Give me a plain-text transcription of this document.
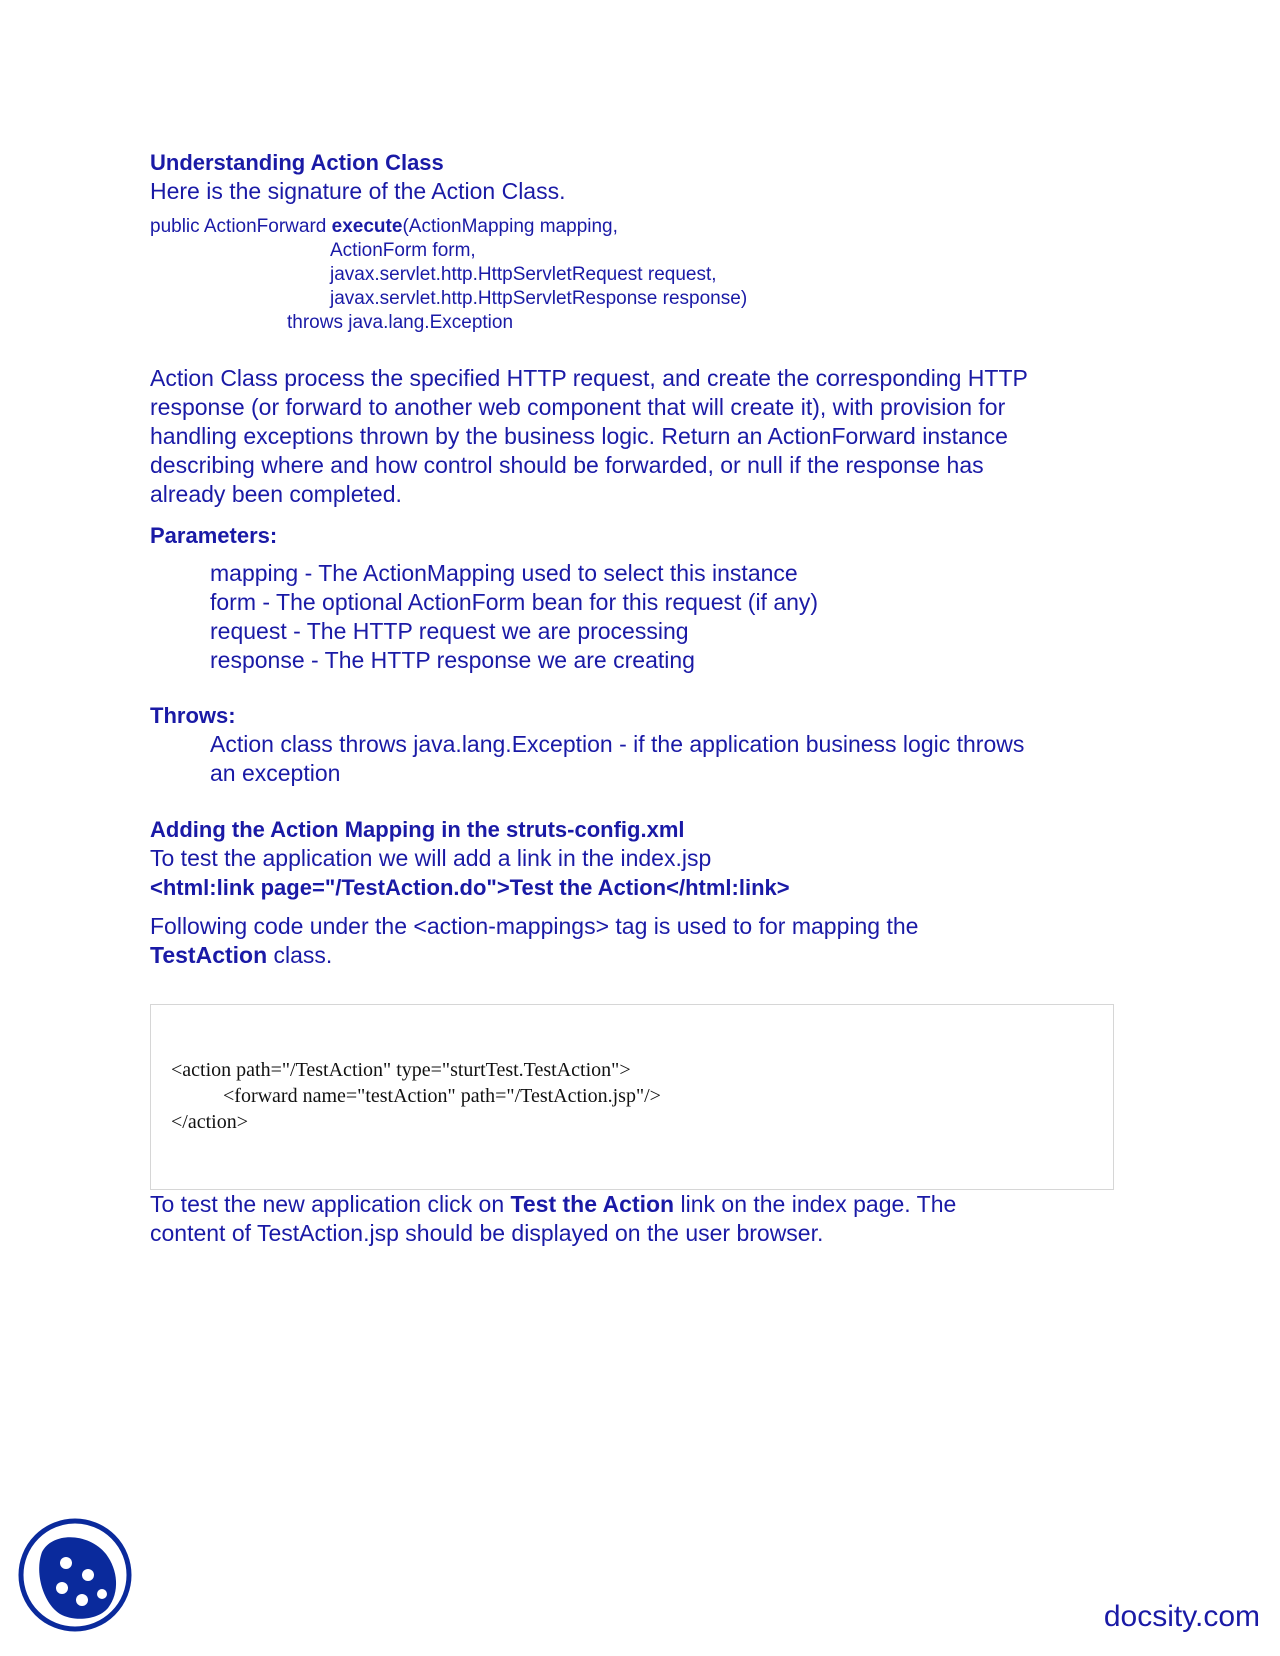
Understanding Action Class
Here is the signature of the Action Class.
public ActionForward execute(ActionMapping mapping,
ActionForm form,
javax.servlet.http.HttpServletRequest request,
javax.servlet.http.HttpServletResponse response)
throws java.lang.Exception
Action Class process the specified HTTP request, and create the corresponding HTTP
response (or forward to another web component that will create it), with provision for
handling exceptions thrown by the business logic. Return an ActionForward instance
describing where and how control should be forwarded, or null if the response has
already been completed.
Parameters:
mapping - The ActionMapping used to select this instance
form - The optional ActionForm bean for this request (if any)
request - The HTTP request we are processing
response - The HTTP response we are creating
Throws:
Action class throws java.lang.Exception - if the application business logic throws
an exception
Adding the Action Mapping in the struts-config.xml
To test the application we will add a link in the index.jsp
<html:link page="/TestAction.do">Test the Action</html:link>
Following code under the <action-mappings> tag is used to for mapping the
TestAction class.
<action path="/TestAction" type="sturtTest.TestAction">
<forward name="testAction" path="/TestAction.jsp"/>
</action>
To test the new application click on Test the Action link on the index page. The
content of TestAction.jsp should be displayed on the user browser.
docsity.com
